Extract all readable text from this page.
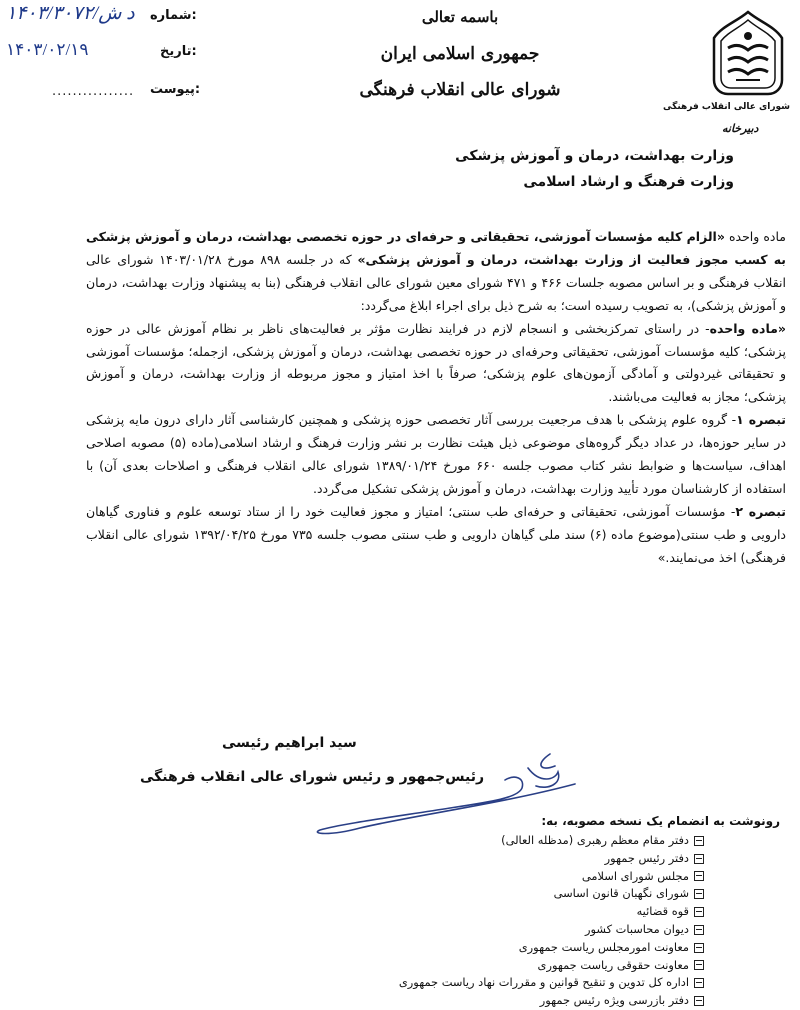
شماره:
۱۴۰۳/۳۰۷۲/د ش
تاریخ:
۱۴۰۳/۰۲/۱۹
پیوست:
................
باسمه تعالی
جمهوری اسلامی ایران
شورای عالی انقلاب فرهنگی
شورای عالی انقلاب فرهنگی
دبیرخانه
وزارت بهداشت، درمان و آموزش پزشکی
وزارت فرهنگ و ارشاد اسلامی

ماده واحده «الزام کلیه مؤسسات آموزشی، تحقیقاتی و حرفه‌ای در حوزه تخصصی بهداشت، درمان و آموزش پزشکی به کسب مجوز فعالیت از وزارت بهداشت، درمان و آموزش پزشکی» که در جلسه ۸۹۸ مورخ ۱۴۰۳/۰۱/۲۸ شورای عالی انقلاب فرهنگی و بر اساس مصوبه جلسات ۴۶۶ و ۴۷۱ شورای معین شورای عالی انقلاب فرهنگی (بنا به پیشنهاد وزارت بهداشت، درمان و آموزش پزشکی)، به تصویب رسیده است؛ به شرح ذیل برای اجراء ابلاغ می‌گردد:

«ماده واحده- در راستای تمرکزبخشی و انسجام لازم در فرایند نظارت مؤثر بر فعالیت‌های ناظر بر نظام آموزش عالی در حوزه پزشکی؛ کلیه مؤسسات آموزشی، تحقیقاتی وحرفه‌ای در حوزه تخصصی بهداشت، درمان و آموزش پزشکی، ازجمله؛ مؤسسات آموزشی و تحقیقاتی غیردولتی و آمادگی آزمون‌های علوم پزشکی؛ صرفاً با اخذ امتیاز و مجوز مربوطه از وزارت بهداشت، درمان و آموزش پزشکی؛ مجاز به فعالیت می‌باشند.

تبصره ۱- گروه علوم پزشکی با هدف مرجعیت بررسی آثار تخصصی حوزه پزشکی و همچنین کارشناسی آثار دارای درون مایه پزشکی در سایر حوزه‌ها، در عداد دیگر گروه‌های موضوعی ذیل هیئت نظارت بر نشر وزارت فرهنگ و ارشاد اسلامی(ماده (۵) مصوبه اصلاحی اهداف، سیاست‌ها و ضوابط نشر کتاب مصوب جلسه ۶۶۰ مورخ ۱۳۸۹/۰۱/۲۴ شورای عالی انقلاب فرهنگی و اصلاحات بعدی آن) با استفاده از کارشناسان مورد تأیید وزارت بهداشت، درمان و آموزش پزشکی تشکیل می‌گردد.

تبصره ۲- مؤسسات آموزشی، تحقیقاتی و حرفه‌ای طب سنتی؛ امتیاز و مجوز فعالیت خود را از ستاد توسعه علوم و فناوری گیاهان دارویی و طب سنتی(موضوع ماده (۶) سند ملی گیاهان دارویی و طب سنتی مصوب جلسه ۷۳۵ مورخ ۱۳۹۲/۰۴/۲۵ شورای عالی انقلاب فرهنگی) اخذ می‌نمایند.»

سید ابراهیم رئیسی
رئیس‌جمهور و رئیس شورای عالی انقلاب فرهنگی
رونوشت به انضمام یک نسخه مصوبه، به:
دفتر مقام معظم رهبری (مدظله العالی)
دفتر رئیس جمهور
مجلس شورای اسلامی
شورای نگهبان قانون اساسی
قوه قضائیه
دیوان محاسبات کشور
معاونت امورمجلس ریاست جمهوری
معاونت حقوقی ریاست جمهوری
اداره کل تدوین و تنقیح قوانین و مقررات نهاد ریاست جمهوری
دفتر بازرسی ویژه رئیس جمهور
